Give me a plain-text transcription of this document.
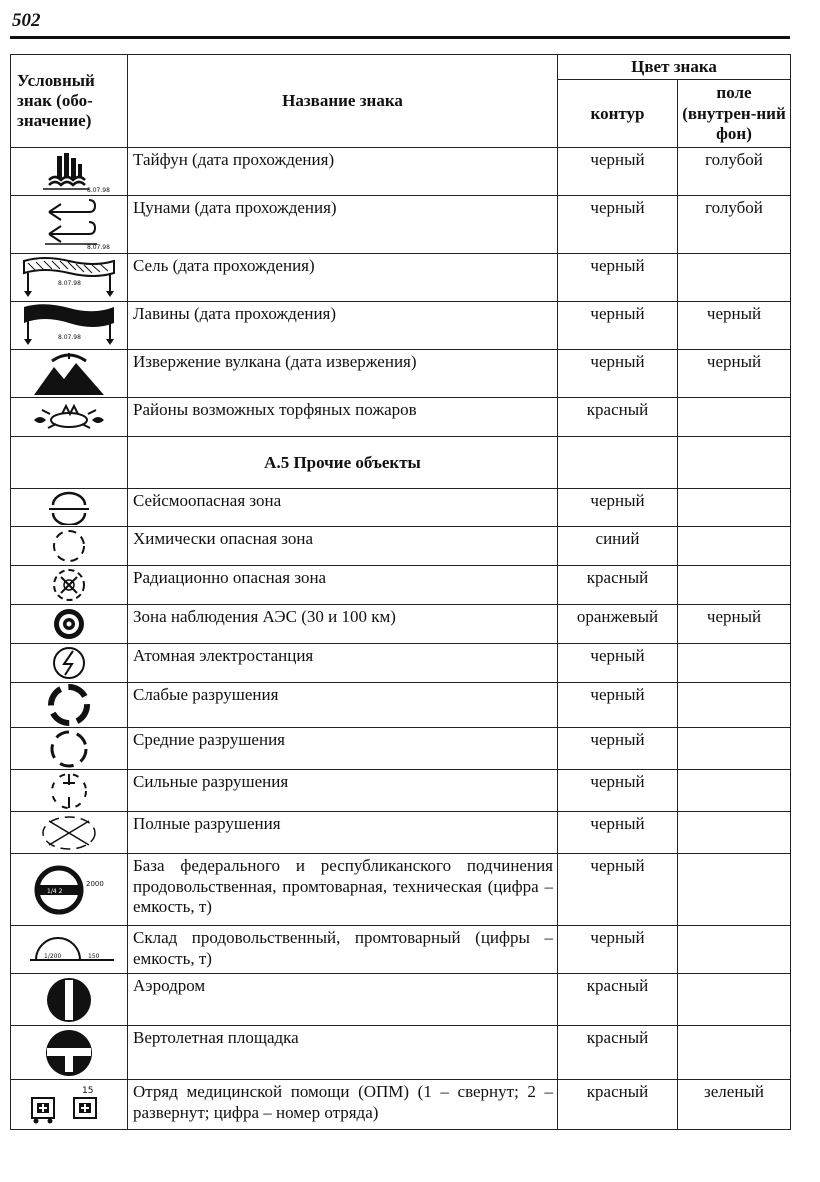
502
Условный знак (обо-значение)	Название знака	Цвет знака	
		контур	поле (внутрен-ний фон)

8.07.98	Тайфун (дата прохождения)	черный	голубой

8.07.98	Цунами (дата прохождения)	черный	голубой

8.07.98	Сель (дата прохождения)	черный	

8.07.98	Лавины (дата прохождения)	черный	черный

	Извержение вулкана (дата извержения)	черный	черный

	Районы возможных торфяных пожаров	красный	
	А.5 Прочие объекты		

	Сейсмоопасная зона	черный	

	Химически опасная зона	синий	

	Радиационно опасная зона	красный	

	Зона наблюдения АЭС (30 и 100 км)	оранжевый	черный

	Атомная электростанция	черный	

	Слабые разрушения	черный	

	Средние разрушения	черный	

	Сильные разрушения	черный	

	Полные разрушения	черный	

1/4 2
2000	База федерального и республиканского подчинения продовольственная, промтоварная, техническая (цифра – емкость, т)	черный	

1/200 150	Склад продовольственный, промтоварный (цифры – емкость, т)	черный	

	Аэродром	красный	

	Вертолетная площадка	красный	

15	Отряд медицинской помощи (ОПМ) (1 – свернут; 2 – развернут; цифра – номер отряда)	красный	зеленый
